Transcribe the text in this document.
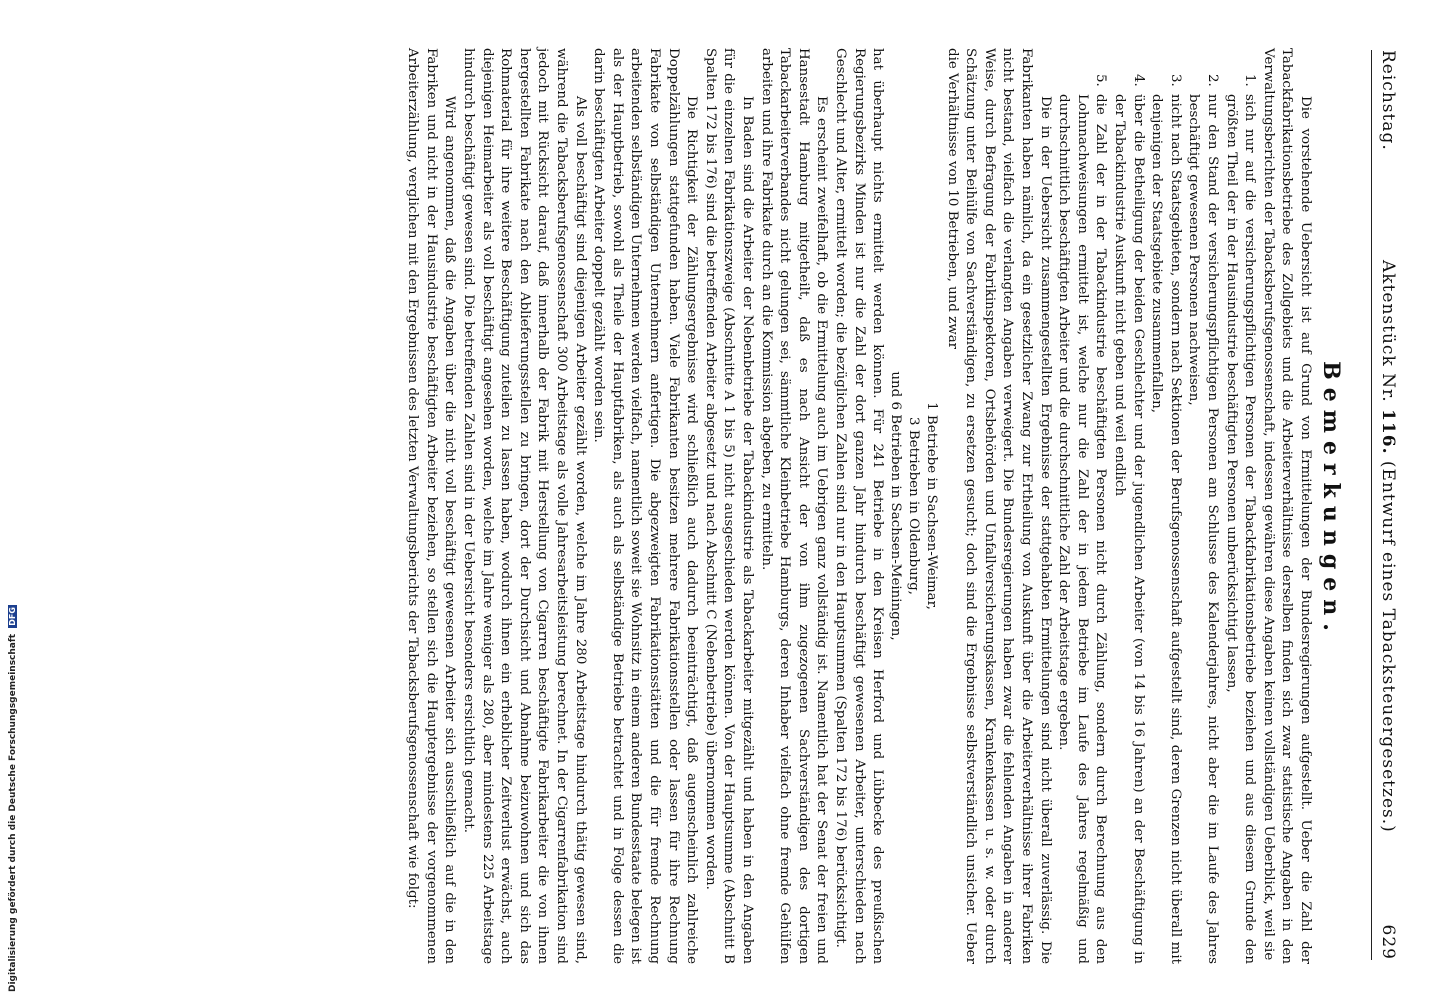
Reichstag.
Aktenstück Nr. 116. (Entwurf eines Tabacksteuergesetzes.)
629
Bemerkungen.

Die vorstehende Uebersicht ist auf Grund von Ermittelungen der Bundesregierungen aufgestellt. Ueber die Zahl der Tabackfabrikationsbetriebe des Zollgebiets und die Arbeiterverhältnisse derselben finden sich zwar statistische Angaben in den Verwaltungsberichten der Tabacksberufsgenossenschaft, indessen gewähren diese Angaben keinen vollständigen Ueberblick, weil sie

1.
sich nur auf die versicherungspflichtigen Personen der Tabackfabrikationsbetriebe beziehen und aus diesem Grunde den größten Theil der in der Hausindustrie beschäftigten Personen unberücksichtigt lassen,
2.
nur den Stand der versicherungspflichtigen Personen am Schlusse des Kalenderjahres, nicht aber die im Laufe des Jahres beschäftigt gewesenen Personen nachweisen,
3.
nicht nach Staatsgebieten, sondern nach Sektionen der Berufsgenossenschaft aufgestellt sind, deren Grenzen nicht überall mit denjenigen der Staatsgebiete zusammenfallen,
4.
über die Betheiligung der beiden Geschlechter und der jugendlichen Arbeiter (von 14 bis 16 Jahren) an der Beschäftigung in der Tabackindustrie Auskunft nicht geben und weil endlich
5.
die Zahl der in der Tabackindustrie beschäftigten Personen nicht durch Zählung, sondern durch Berechnung aus den Lohnnachweisungen ermittelt ist, welche nur die Zahl der in jedem Betriebe im Laufe des Jahres regelmäßig und durchschnittlich beschäftigten Arbeiter und die durchschnittliche Zahl der Arbeitstage ergeben.

Die in der Uebersicht zusammengestellten Ergebnisse der stattgehabten Ermittelungen sind nicht überall zuverlässig. Die Fabrikanten haben nämlich, da ein gesetzlicher Zwang zur Ertheilung von Auskunft über die Arbeiterverhältnisse ihrer Fabriken nicht bestand, vielfach die verlangten Angaben verweigert. Die Bundesregierungen haben zwar die fehlenden Angaben in anderer Weise, durch Befragung der Fabrikinspektoren, Ortsbehörden und Unfallversicherungskassen, Krankenkassen u. s. w. oder durch Schätzung unter Beihülfe von Sachverständigen, zu ersetzen gesucht; doch sind die Ergebnisse selbstverständlich unsicher. Ueber die Verhältnisse von 10 Betrieben, und zwar

1 Betriebe in Sachsen-Weimar,
3 Betrieben in Oldenburg,
und 6 Betrieben in Sachsen-Meiningen,

hat überhaupt nichts ermittelt werden können. Für 241 Betriebe in den Kreisen Herford und Lübbecke des preußischen Regierungsbezirks Minden ist nur die Zahl der dort ganzen Jahr hindurch beschäftigt gewesenen Arbeiter, unterschieden nach Geschlecht und Alter, ermittelt worden; die bezüglichen Zahlen sind nur in den Hauptsummen (Spalten 172 bis 176) berücksichtigt.

Es erscheint zweifelhaft, ob die Ermittelung auch im Uebrigen ganz vollständig ist. Namentlich hat der Senat der freien und Hansestadt Hamburg mitgetheilt, daß es nach Ansicht der von ihm zugezogenen Sachverständigen des dortigen Tabackarbeiterverbandes nicht gelungen sei, sämmtliche Kleinbetriebe Hamburgs, deren Inhaber vielfach ohne fremde Gehülfen arbeiten und ihre Fabrikate durch an die Kommission abgeben, zu ermitteln.

In Baden sind die Arbeiter der Nebenbetriebe der Tabackindustrie als Tabackarbeiter mitgezählt und haben in den Angaben für die einzelnen Fabrikationszweige (Abschnitte A 1 bis 5) nicht ausgeschieden werden können. Von der Hauptsumme (Abschnitt B Spalten 172 bis 176) sind die betreffenden Arbeiter abgesetzt und nach Abschnitt C (Nebenbetriebe) übernommen worden.

Die Richtigkeit der Zählungsergebnisse wird schließlich auch dadurch beeinträchtigt, daß augenscheinlich zahlreiche Doppelzählungen stattgefunden haben. Viele Fabrikanten besitzen mehrere Fabrikationsstellen oder lassen für ihre Rechnung Fabrikate von selbständigen Unternehmern anfertigen. Die abgezweigten Fabrikationsstätten und die für fremde Rechnung arbeitenden selbständigen Unternehmen werden vielfach, namentlich soweit sie Wohnsitz in einem anderen Bundesstaate belegen ist als der Hauptbetrieb, sowohl als Theile der Hauptfabriken, als auch als selbständige Betriebe betrachtet und in Folge dessen die darin beschäftigten Arbeiter doppelt gezählt worden sein.

Als voll beschäftigt sind diejenigen Arbeiter gezählt worden, welche im Jahre 280 Arbeitstage hindurch thätig gewesen sind, während die Tabacksberufsgenossenschaft 300 Arbeitstage als volle Jahresarbeitsleistung berechnet. In der Cigarrenfabrikation sind jedoch mit Rücksicht darauf, daß innerhalb der Fabrik mit Herstellung von Cigarren beschäftigte Fabrikarbeiter die von ihnen hergestellten Fabrikate nach den Ablieferungsstellen zu bringen, dort der Durchsicht und Abnahme beizuwohnen und sich das Rohmaterial für ihre weitere Beschäftigung zuteilen zu lassen haben, wodurch ihnen ein erheblicher Zeitverlust erwächst, auch diejenigen Heimarbeiter als voll beschäftigt angesehen worden, welche im Jahre weniger als 280, aber mindestens 225 Arbeitstage hindurch beschäftigt gewesen sind. Die betreffenden Zahlen sind in der Uebersicht besonders ersichtlich gemacht.

Wird angenommen, daß die Angaben über die nicht voll beschäftigt gewesenen Arbeiter sich ausschließlich auf die in den Fabriken und nicht in der Hausindustrie beschäftigten Arbeiter beziehen, so stellen sich die Hauptergebnisse der vorgenommenen Arbeiterzählung, verglichen mit den Ergebnissen des letzten Verwaltungsberichts der Tabacksberufsgenossenschaft wie folgt:

Digitalisierung gefördert durch die Deutsche Forschungsgemeinschaft DFG
